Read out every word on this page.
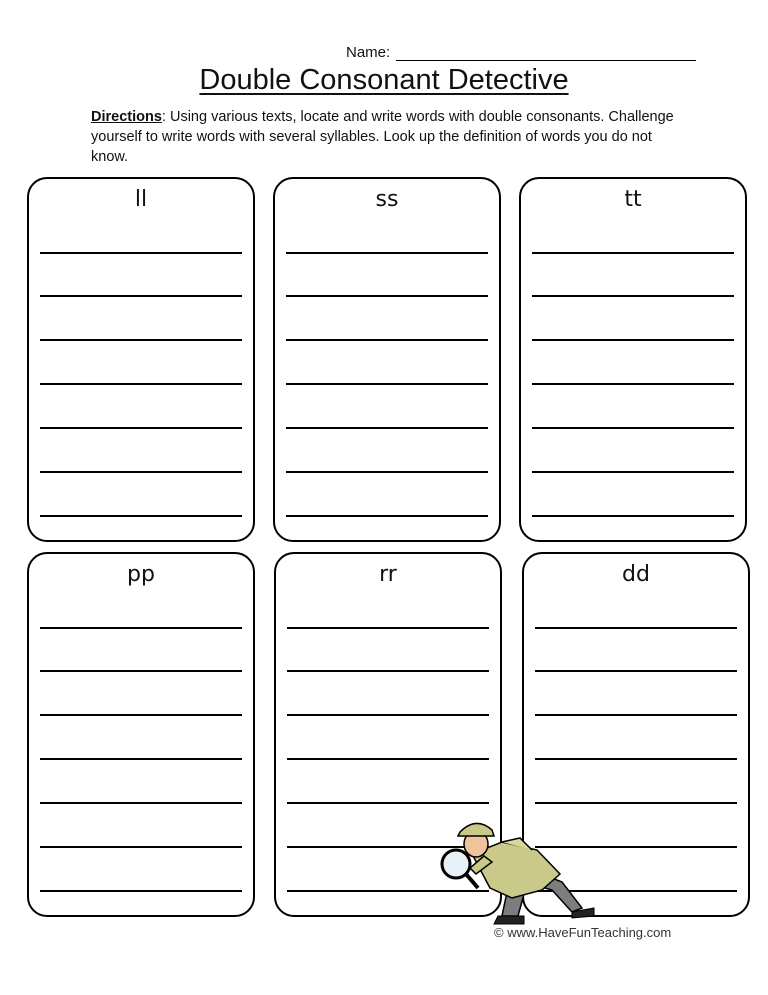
Name:
Double Consonant Detective
Directions: Using various texts, locate and write words with double consonants. Challenge yourself to write words with several syllables. Look up the definition of words you do not know.
ll	ss	tt
pp	rr	dd
© www.HaveFunTeaching.com
